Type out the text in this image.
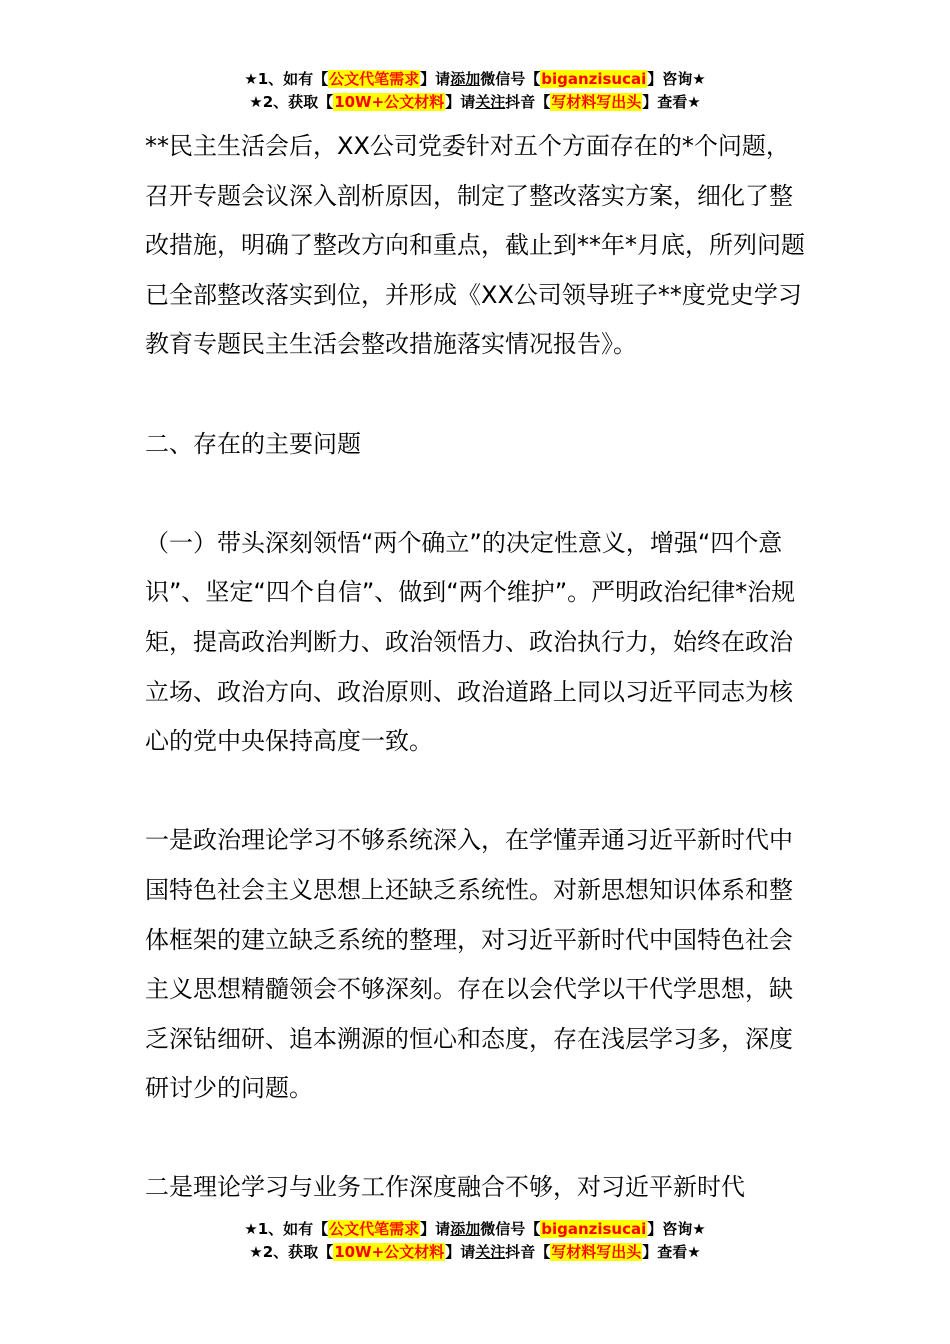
★1、如有【公文代笔需求】请添加微信号【biganzisucai】咨询★
★2、获取【10W+公文材料】请关注抖音【写材料写出头】查看★

**民主生活会后，XX公司党委针对五个方面存在的*个问题，召开专题会议深入剖析原因，制定了整改落实方案，细化了整改措施，明确了整改方向和重点，截止到**年*月底，所列问题已全部整改落实到位，并形成《XX公司领导班子**度党史学习教育专题民主生活会整改措施落实情况报告》。

二、存在的主要问题

（一）带头深刻领悟“两个确立”的决定性意义，增强“四个意识”、坚定“四个自信”、做到“两个维护”。严明政治纪律*治规矩，提高政治判断力、政治领悟力、政治执行力，始终在政治立场、政治方向、政治原则、政治道路上同以习近平同志为核心的党中央保持高度一致。

一是政治理论学习不够系统深入，在学懂弄通习近平新时代中国特色社会主义思想上还缺乏系统性。对新思想知识体系和整体框架的建立缺乏系统的整理，对习近平新时代中国特色社会主义思想精髓领会不够深刻。存在以会代学以干代学思想，缺乏深钻细研、追本溯源的恒心和态度，存在浅层学习多，深度研讨少的问题。

二是理论学习与业务工作深度融合不够，对习近平新时代

★1、如有【公文代笔需求】请添加微信号【biganzisucai】咨询★
★2、获取【10W+公文材料】请关注抖音【写材料写出头】查看★
